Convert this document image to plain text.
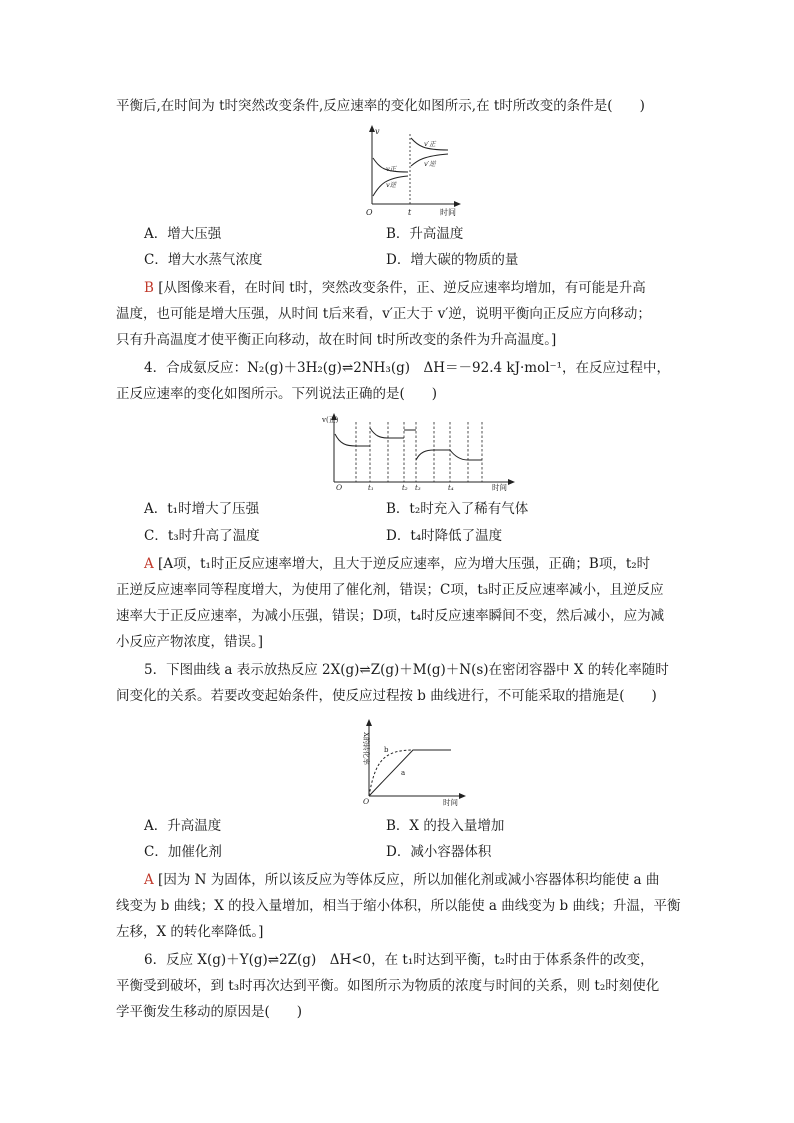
平衡后,在时间为 t时突然改变条件,反应速率的变化如图所示,在 t时所改变的条件是(　　)
v
O	t	时间
v正
v逆
v′正
v′逆
A．增大压强	B．升高温度
C．增大水蒸气浓度	D．增大碳的物质的量
B [从图像来看，在时间 t时，突然改变条件，正、逆反应速率均增加，有可能是升高
温度，也可能是增大压强，从时间 t后来看，v′正大于 v′逆，说明平衡向正反应方向移动；
只有升高温度才使平衡正向移动，故在时间 t时所改变的条件为升高温度。]
4．合成氨反应：N₂(g)＋3H₂(g)⇌2NH₃(g)　ΔH＝－92.4 kJ·mol⁻¹，在反应过程中，
正反应速率的变化如图所示。下列说法正确的是(　　)
v(正)
O	t₁	t₂ t₃	t₄	时间
A．t₁时增大了压强	B．t₂时充入了稀有气体
C．t₃时升高了温度	D．t₄时降低了温度
A [A项，t₁时正反应速率增大，且大于逆反应速率，应为增大压强，正确；B项，t₂时
正逆反应速率同等程度增大，为使用了催化剂，错误；C项，t₃时正反应速率减小，且逆反应
速率大于正反应速率，为减小压强，错误；D项，t₄时反应速率瞬间不变，然后减小，应为减
小反应产物浓度，错误。]
5．下图曲线 a 表示放热反应 2X(g)⇌Z(g)＋M(g)＋N(s)在密闭容器中 X 的转化率随时
间变化的关系。若要改变起始条件，使反应过程按 b 曲线进行，不可能采取的措施是(　　)
X的转化率
O	时间
a
b
A．升高温度	B．X 的投入量增加
C．加催化剂	D．减小容器体积
A [因为 N 为固体，所以该反应为等体反应，所以加催化剂或减小容器体积均能使 a 曲
线变为 b 曲线；X 的投入量增加，相当于缩小体积，所以能使 a 曲线变为 b 曲线；升温，平衡
左移，X 的转化率降低。]
6．反应 X(g)＋Y(g)⇌2Z(g)　ΔH<0，在 t₁时达到平衡，t₂时由于体系条件的改变，
平衡受到破坏，到 t₃时再次达到平衡。如图所示为物质的浓度与时间的关系，则 t₂时刻使化
学平衡发生移动的原因是(　　)
